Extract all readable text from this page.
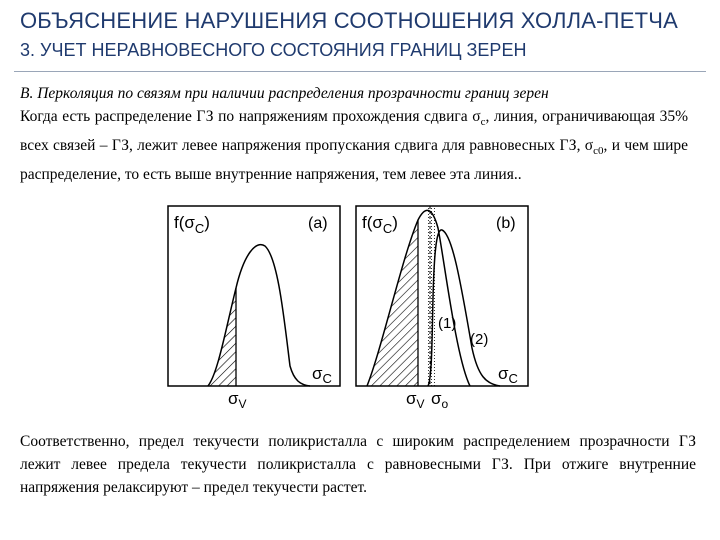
ОБЪЯСНЕНИЕ НАРУШЕНИЯ СООТНОШЕНИЯ ХОЛЛА-ПЕТЧА
3. УЧЕТ НЕРАВНОВЕСНОГО СОСТОЯНИЯ ГРАНИЦ ЗЕРЕН
В. Перколяция по связям при наличии распределения прозрачности границ зерен
Когда есть распределение ГЗ по напряжениям прохождения сдвига $\sigma_с$, линия, ограничивающая 35% всех связей – ГЗ, лежит левее напряжения пропускания сдвига для равновесных ГЗ, $\sigma_{с0}$, и чем шире распределение, то есть выше внутренние напряжения, тем левее эта линия..
$f(\sigma_C)$	(a)
$\sigma_C$
$\sigma_V$
$f(\sigma_C)$	(b)
(1)
(2)
$\sigma_C$
$\sigma_V$ $\sigma_o$
Соответственно, предел текучести поликристалла с широким распределением прозрачности ГЗ лежит левее предела текучести поликристалла с равновесными ГЗ. При отжиге внутренние напряжения релаксируют – предел текучести растет.
